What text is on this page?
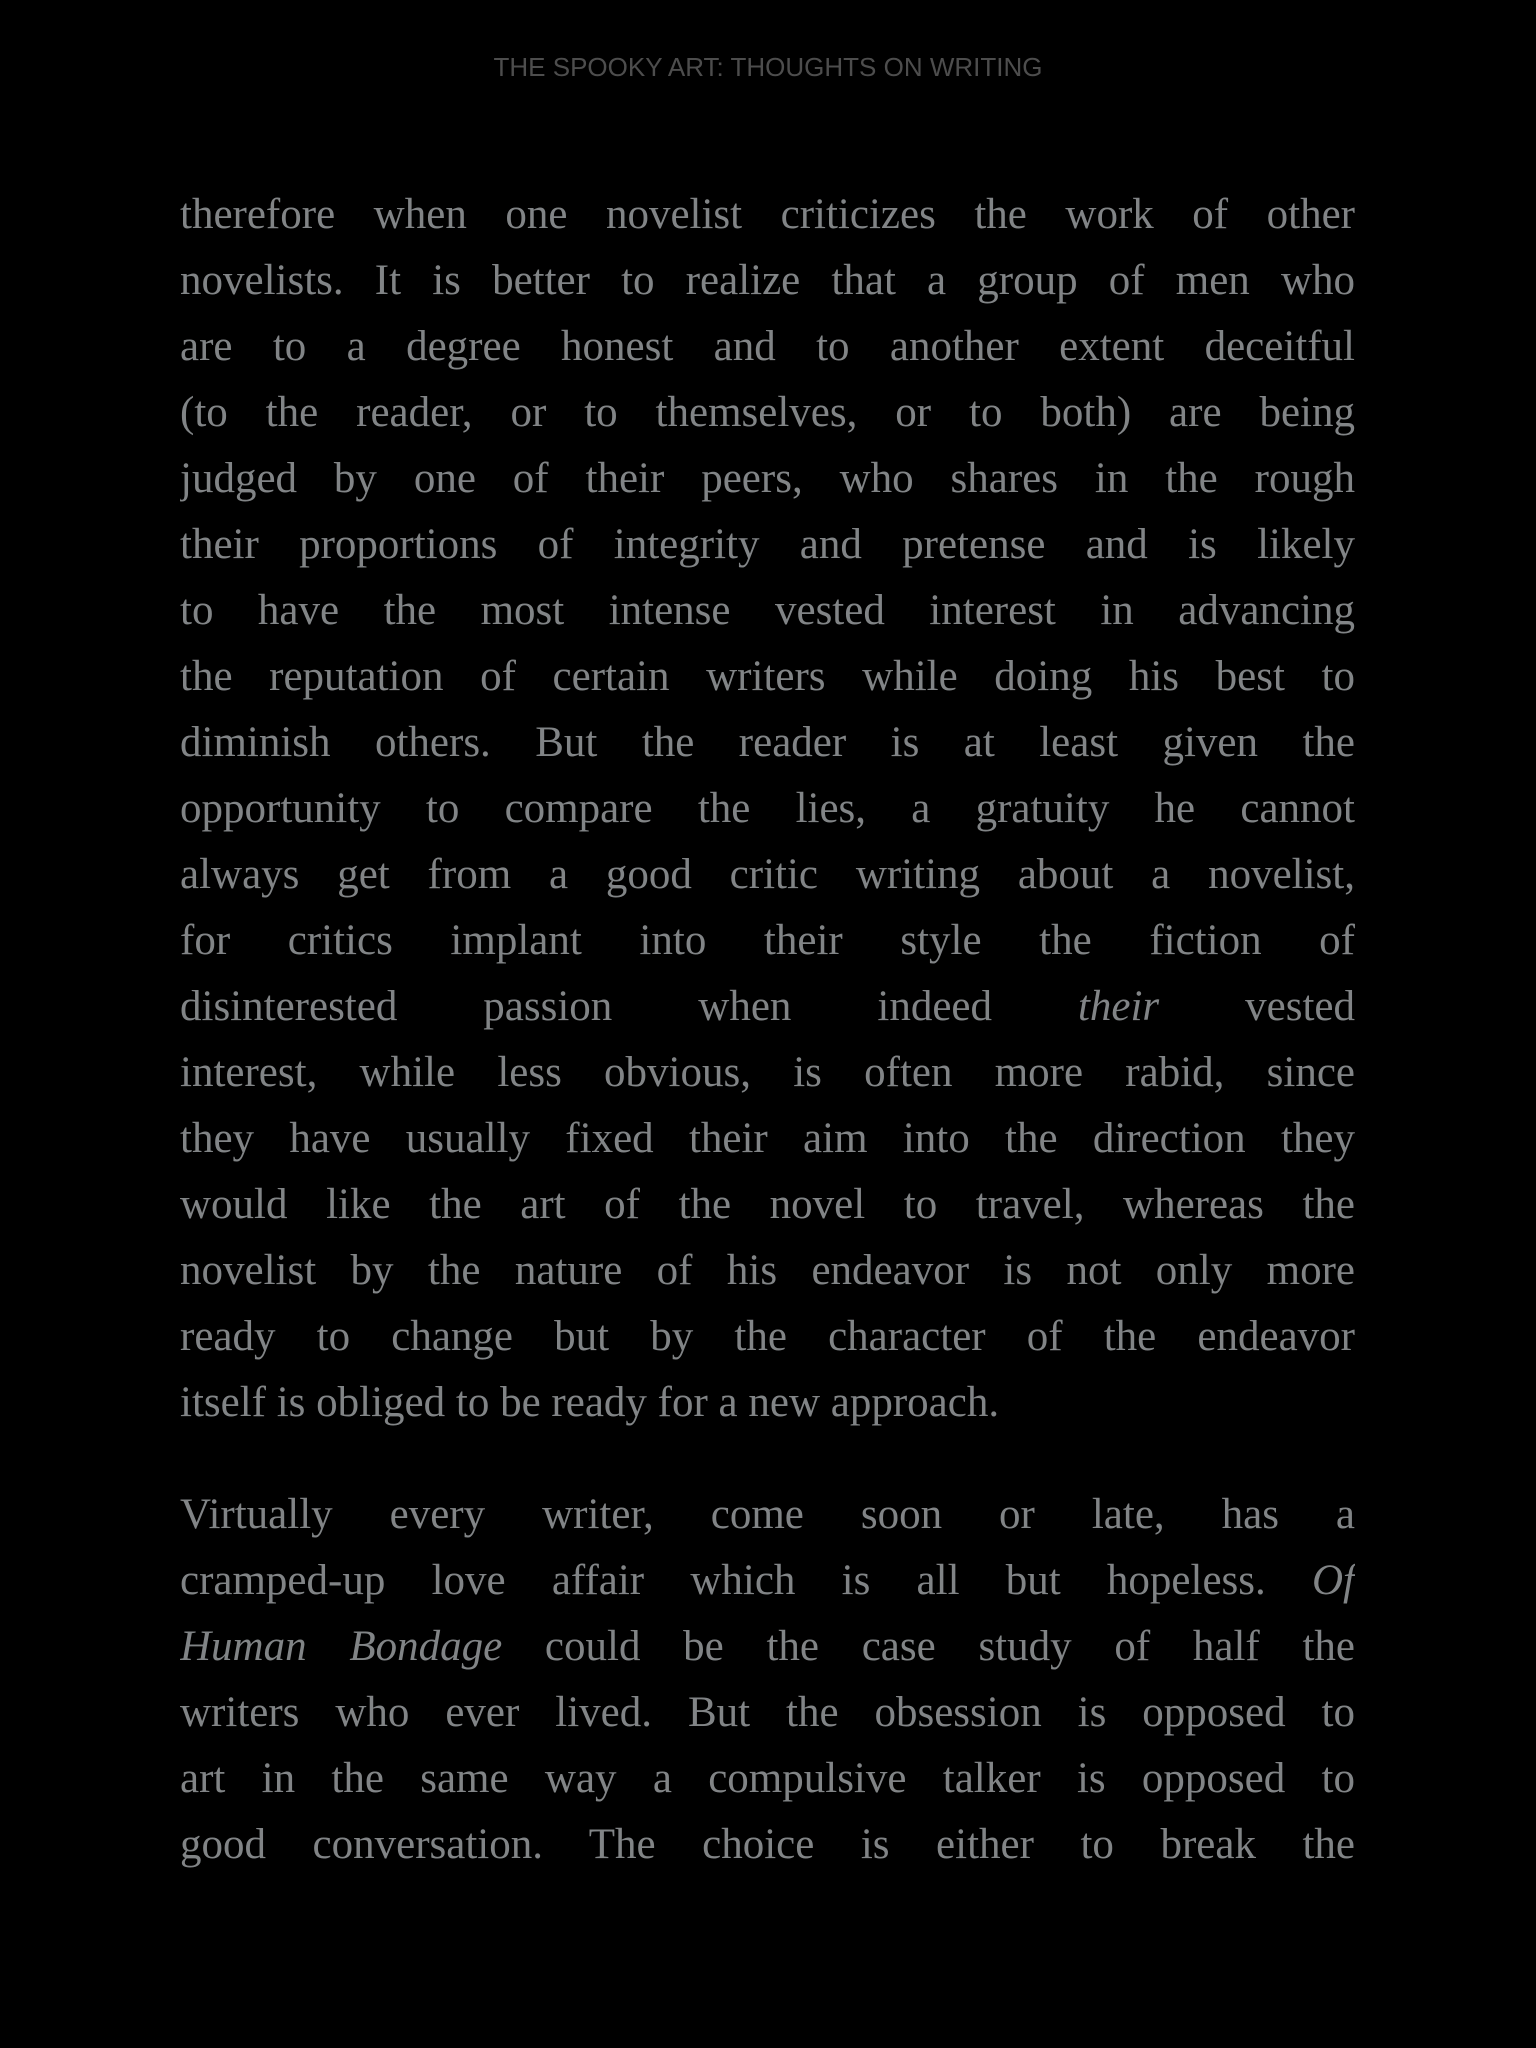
THE SPOOKY ART: THOUGHTS ON WRITING
therefore when one novelist criticizes the work of other
novelists. It is better to realize that a group of men who
are to a degree honest and to another extent deceitful
(to the reader, or to themselves, or to both) are being
judged by one of their peers, who shares in the rough
their proportions of integrity and pretense and is likely
to have the most intense vested interest in advancing
the reputation of certain writers while doing his best to
diminish others. But the reader is at least given the
opportunity to compare the lies, a gratuity he cannot
always get from a good critic writing about a novelist,
for critics implant into their style the fiction of
disinterested passion when indeed their vested
interest, while less obvious, is often more rabid, since
they have usually fixed their aim into the direction they
would like the art of the novel to travel, whereas the
novelist by the nature of his endeavor is not only more
ready to change but by the character of the endeavor
itself is obliged to be ready for a new approach.
Virtually every writer, come soon or late, has a
cramped-up love affair which is all but hopeless. Of
Human Bondage could be the case study of half the
writers who ever lived. But the obsession is opposed to
art in the same way a compulsive talker is opposed to
good conversation. The choice is either to break the
